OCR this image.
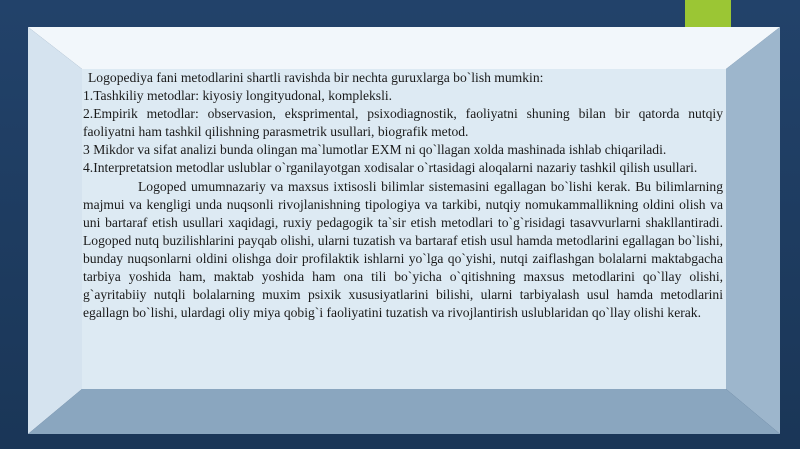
Logopediya fani metodlarini shartli ravishda bir nechta guruxlarga bo`lish mumkin:

1.Tashkiliy metodlar: kiyosiy longityudonal, kompleksli.

2.Empirik metodlar: observasion, eksprimental, psixodiagnostik, faoliyatni shuning bilan bir qatorda nutqiy faoliyatni ham tashkil qilishning parasmetrik usullari, biografik metod.

3 Mikdor va sifat analizi bunda olingan ma`lumotlar EXM ni qo`llagan xolda mashinada ishlab chiqariladi.

4.Interpretatsion metodlar uslublar o`rganilayotgan xodisalar o`rtasidagi aloqalarni nazariy tashkil qilish usullari.

Logoped umumnazariy va maxsus ixtisosli bilimlar sistemasini egallagan bo`lishi kerak. Bu bilimlarning majmui va kengligi unda nuqsonli rivojlanishning tipologiya va tarkibi, nutqiy nomukammallikning oldini olish va uni bartaraf etish usullari xaqidagi, ruxiy pedagogik ta`sir etish metodlari to`g`risidagi tasavvurlarni shakllantiradi. Logoped nutq buzilishlarini payqab olishi, ularni tuzatish va bartaraf etish usul hamda metodlarini egallagan bo`lishi, bunday nuqsonlarni oldini olishga doir profilaktik ishlarni yo`lga qo`yishi, nutqi zaiflashgan bolalarni maktabgacha tarbiya yoshida ham, maktab yoshida ham ona tili bo`yicha o`qitishning maxsus metodlarini qo`llay olishi, g`ayritabiiy nutqli bolalarning muxim psixik xususiyatlarini bilishi, ularni tarbiyalash usul hamda metodlarini egallagn bo`lishi, ulardagi oliy miya qobig`i faoliyatini tuzatish va rivojlantirish uslublaridan qo`llay olishi kerak.
